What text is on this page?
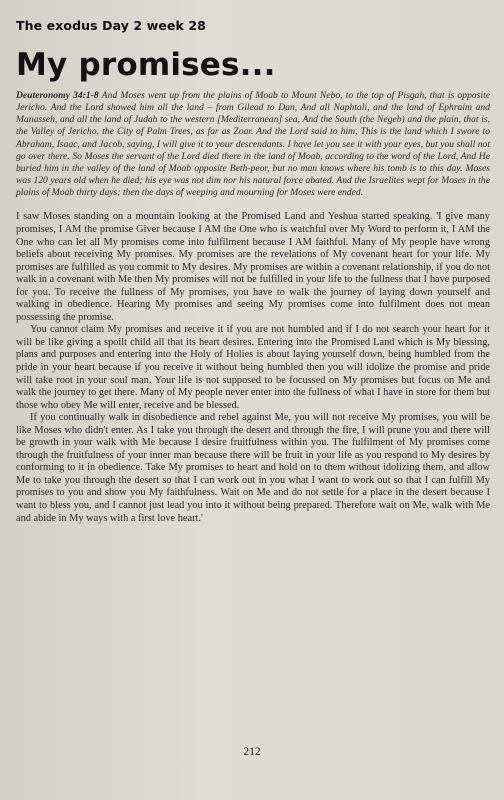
The exodus Day 2 week 28
My promises...
Deuteronomy 34:1-8 And Moses went up from the plains of Moab to Mount Nebo, to the top of Pisgah, that is opposite Jericho. And the Lord showed him all the land – from Gilead to Dan, And all Naphtali, and the land of Ephraim and Manasseh, and all the land of Judah to the western [Mediterranean] sea, And the South (the Negeb) and the plain, that is, the Valley of Jericho, the City of Palm Trees, as far as Zoar. And the Lord said to him, This is the land which I swore to Abraham, Isaac, and Jacob, saying, I will give it to your descendants. I have let you see it with your eyes, but you shall not go over there. So Moses the servant of the Lord died there in the land of Moab, according to the word of the Lord, And He buried him in the valley of the land of Moab opposite Beth-peor, but no man knows where his tomb is to this day. Moses was 120 years old when he died; his eye was not dim nor his natural force abated. And the Israelites wept for Moses in the plains of Moab thirty days; then the days of weeping and mourning for Moses were ended.

I saw Moses standing on a mountain looking at the Promised Land and Yeshua started speaking. 'I give many promises, I AM the promise Giver because I AM the One who is watchful over My Word to perform it, I AM the One who can let all My promises come into fulfilment because I AM faithful. Many of My people have wrong beliefs about receiving My promises. My promises are the revelations of My covenant heart for your life. My promises are fulfilled as you commit to My desires. My promises are within a covenant relationship, if you do not walk in a covenant with Me then My promises will not be fulfilled in your life to the fullness that I have purposed for you. To receive the fullness of My promises, you have to walk the journey of laying down yourself and walking in obedience. Hearing My promises and seeing My promises come into fulfilment does not mean possessing the promise.

You cannot claim My promises and receive it if you are not humbled and if I do not search your heart for it will be like giving a spoilt child all that its heart desires. Entering into the Promised Land which is My blessing, plans and purposes and entering into the Holy of Holies is about laying yourself down, being humbled from the pride in your heart because if you receive it without being humbled then you will idolize the promise and pride will take root in your soul man. Your life is not supposed to be focussed on My promises but focus on Me and walk the journey to get there. Many of My people never enter into the fullness of what I have in store for them but those who obey Me will enter, receive and be blessed.

If you continually walk in disobedience and rebel against Me, you will not receive My promises, you will be like Moses who didn't enter. As I take you through the desert and through the fire, I will prune you and there will be growth in your walk with Me because I desire fruitfulness within you. The fulfilment of My promises come through the fruitfulness of your inner man because there will be fruit in your life as you respond to My desires by conforming to it in obedience. Take My promises to heart and hold on to them without idolizing them, and allow Me to take you through the desert so that I can work out in you what I want to work out so that I can fulfill My promises to you and show you My faithfulness. Wait on Me and do not settle for a place in the desert because I want to bless you, and I cannot just lead you into it without being prepared. Therefore wait on Me, walk with Me and abide in My ways with a first love heart.'

212
